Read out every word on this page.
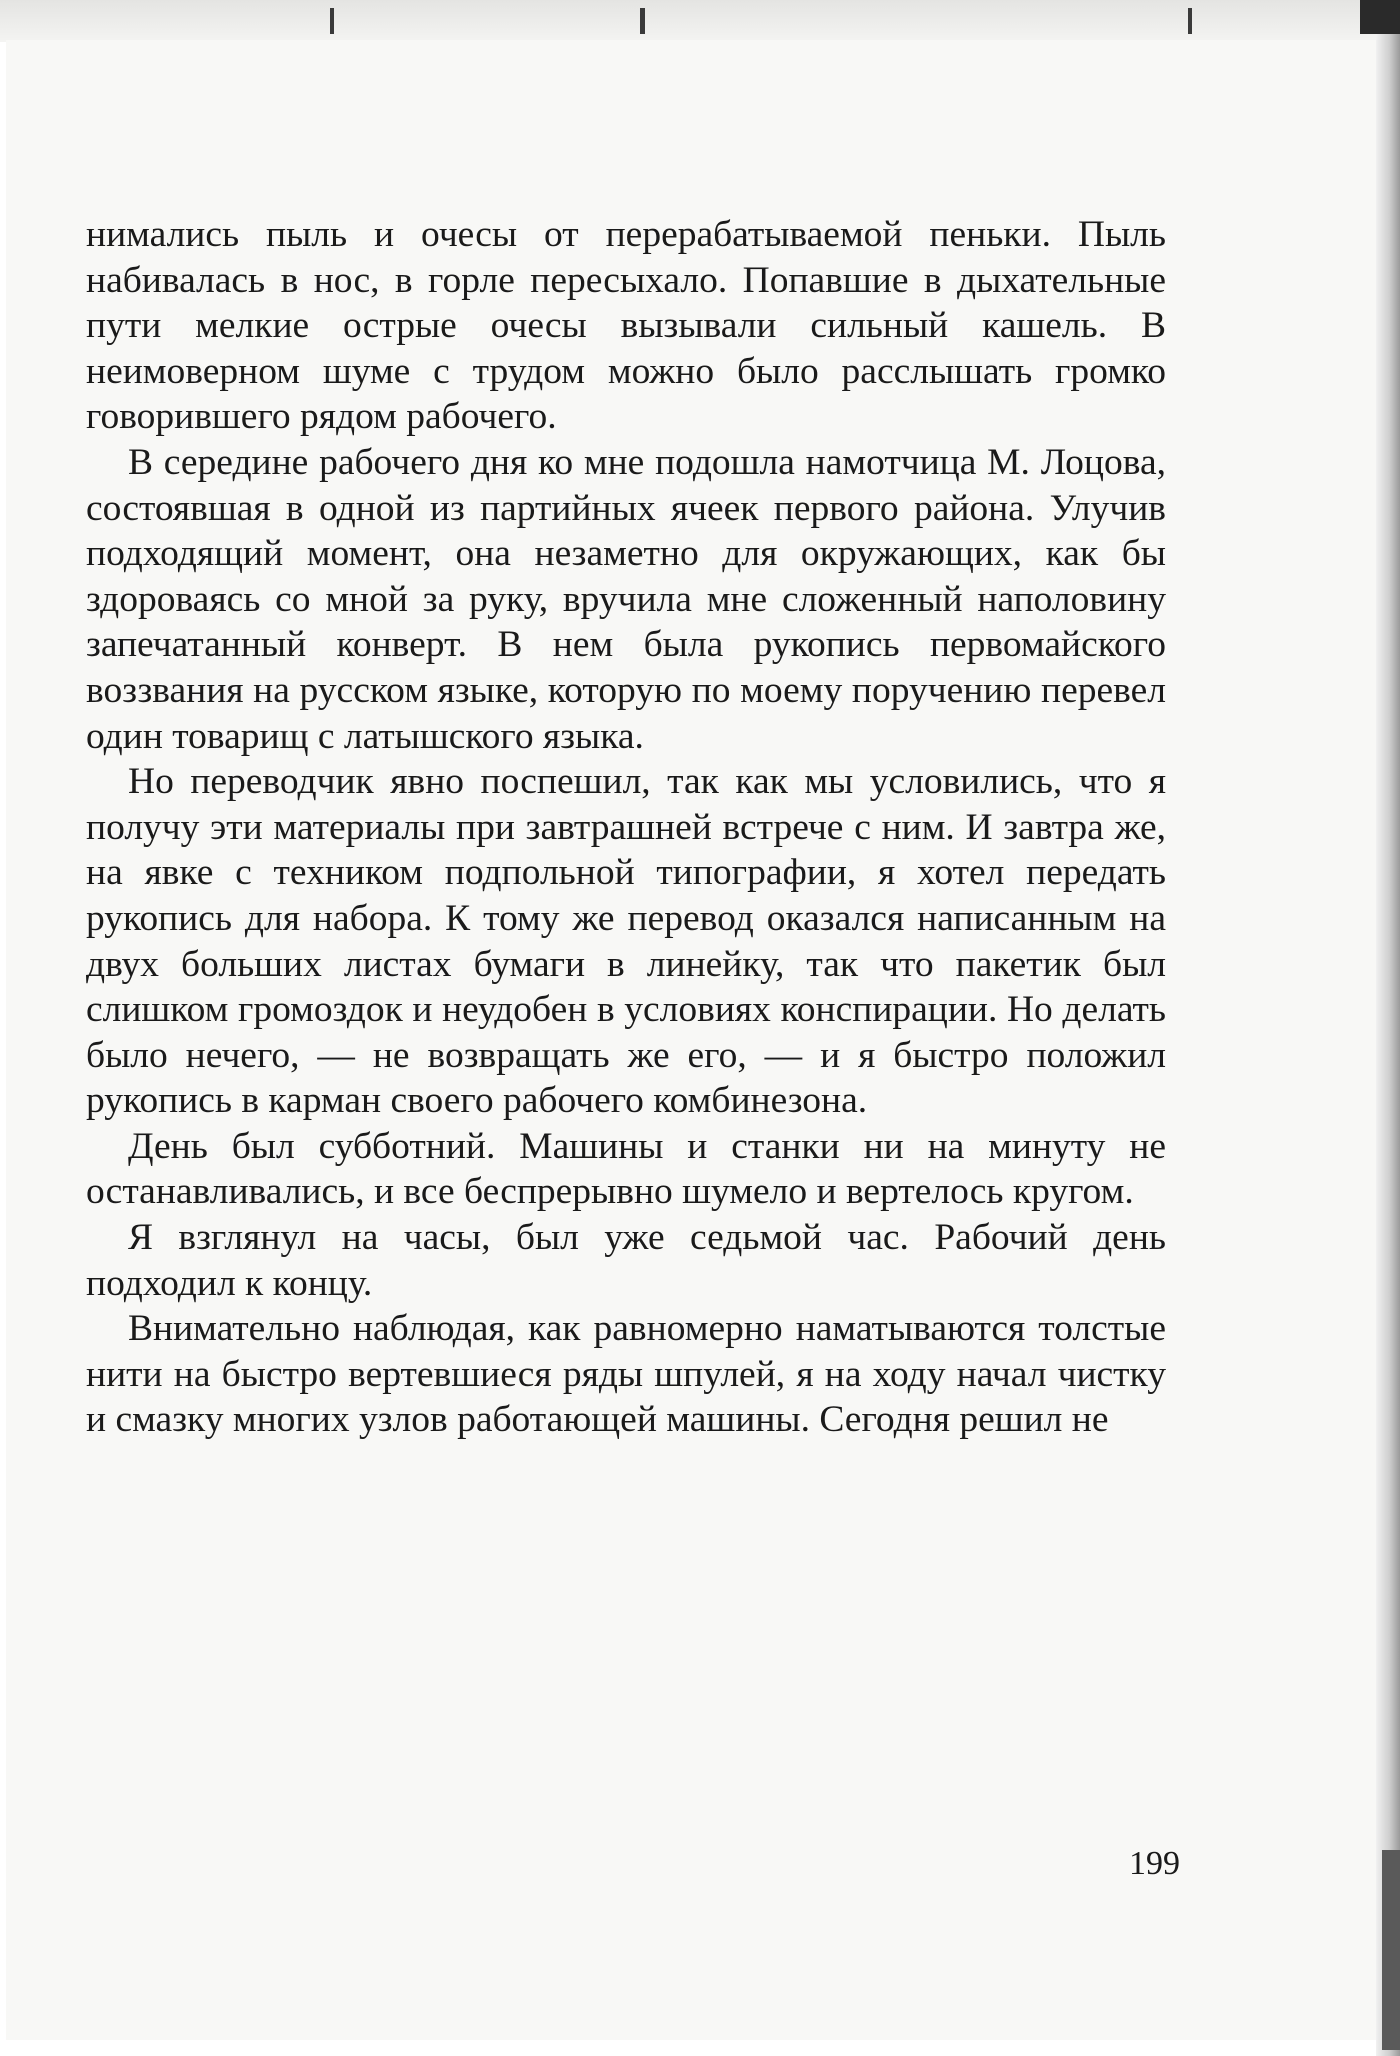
нимались пыль и очесы от перерабатываемой пеньки. Пыль набивалась в нос, в горле пересыхало. Попавшие в дыхательные пути мелкие острые очесы вызывали сильный кашель. В неимоверном шуме с трудом можно было расслышать громко говорившего рядом рабочего.

В середине рабочего дня ко мне подошла намотчица М. Лоцова, состоявшая в одной из партийных ячеек первого района. Улучив подходящий момент, она незаметно для окружающих, как бы здороваясь со мной за руку, вручила мне сложенный наполовину запечатанный конверт. В нем была рукопись первомайского воззвания на русском языке, которую по моему поручению перевел один товарищ с латышского языка.

Но переводчик явно поспешил, так как мы условились, что я получу эти материалы при завтрашней встрече с ним. И завтра же, на явке с техником подпольной типографии, я хотел передать рукопись для набора. К тому же перевод оказался написанным на двух больших листах бумаги в линейку, так что пакетик был слишком громоздок и неудобен в условиях конспирации. Но делать было нечего, — не возвращать же его, — и я быстро положил рукопись в карман своего рабочего комбинезона.

День был субботний. Машины и станки ни на минуту не останавливались, и все беспрерывно шумело и вертелось кругом.

Я взглянул на часы, был уже седьмой час. Рабочий день подходил к концу.

Внимательно наблюдая, как равномерно наматываются толстые нити на быстро вертевшиеся ряды шпулей, я на ходу начал чистку и смазку многих узлов работающей машины. Сегодня решил не

199
